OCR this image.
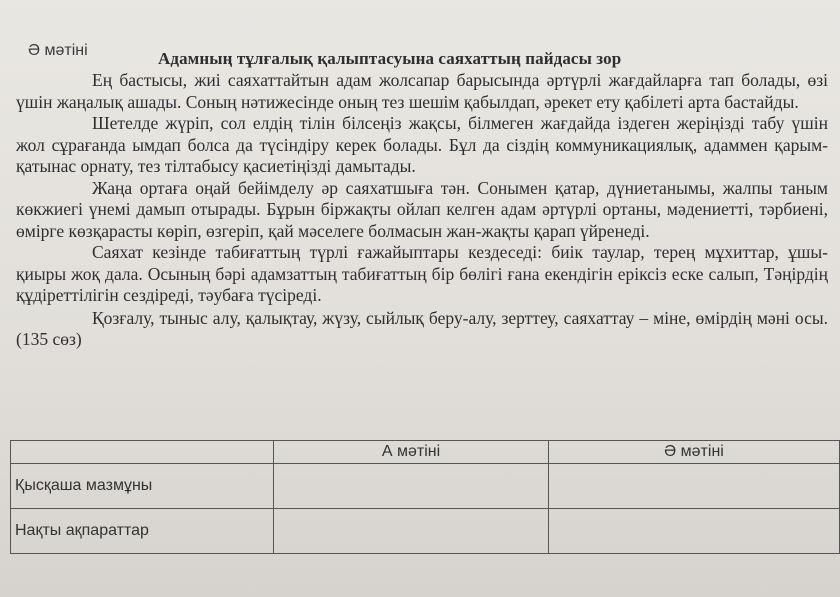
Ә мәтіні	Адамның тұлғалық қалыптасуына саяхаттың пайдасы зор

Ең бастысы, жиі саяхаттайтын адам жолсапар барысында әртүрлі жағдайларға тап болады, өзі үшін жаңалық ашады. Соның нәтижесінде оның тез шешім қабылдап, әрекет ету қабілеті арта бастайды.

Шетелде жүріп, сол елдің тілін білсеңіз жақсы, білмеген жағдайда іздеген жеріңізді табу үшін жол сұрағанда ымдап болса да түсіндіру керек болады. Бұл да сіздің коммуникациялық, адаммен қарым-қатынас орнату, тез тілтабысу қасиетіңізді дамытады.

Жаңа ортаға оңай бейімделу әр саяхатшыға тән. Сонымен қатар, дүниетанымы, жалпы таным көкжиегі үнемі дамып отырады. Бұрын біржақты ойлап келген адам әртүрлі ортаны, мәдениетті, тәрбиені, өмірге көзқарасты көріп, өзгеріп, қай мәселеге болмасын жан-жақты қарап үйренеді.

Саяхат кезінде табиғаттың түрлі ғажайыптары кездеседі: биік таулар, терең мұхиттар, ұшы-қиыры жоқ дала. Осының бәрі адамзаттың табиғаттың бір бөлігі ғана екендігін еріксіз еске салып, Тәңірдің құдіреттілігін сездіреді, тәубаға түсіреді.

Қозғалу, тыныс алу, қалықтау, жүзу, сыйлық беру-алу, зерттеу, саяхаттау – міне, өмірдің мәні осы. (135 сөз)

	А мәтіні	Ә мәтіні
Қысқаша мазмұны		
Нақты ақпараттар		
